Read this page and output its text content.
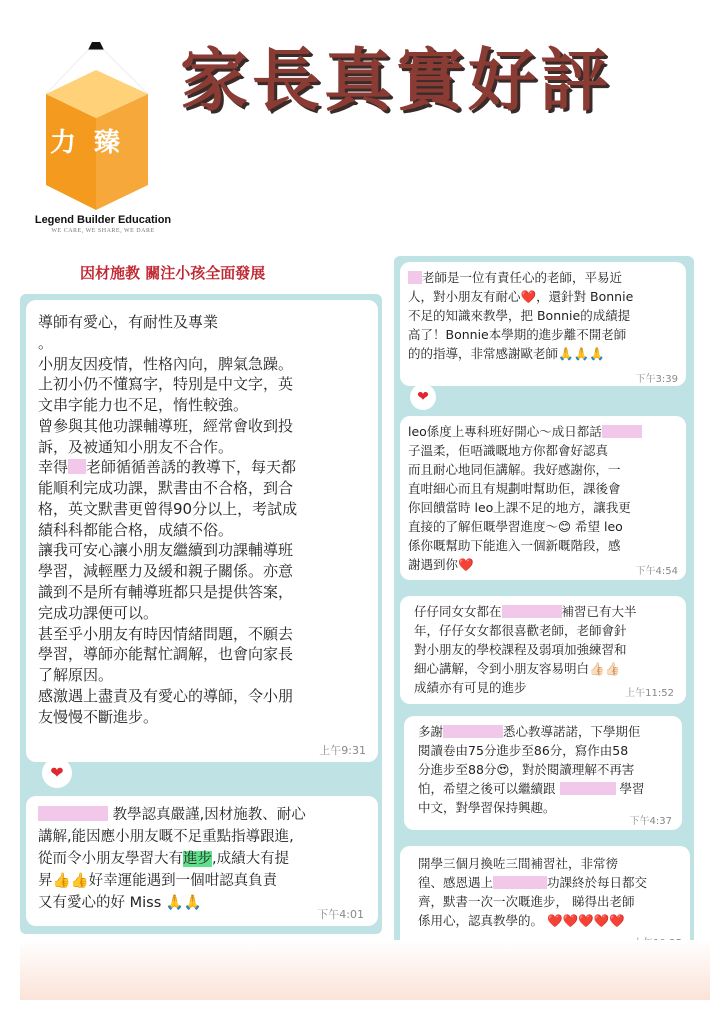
力臻
Legend Builder Education
WE CARE, WE SHARE, WE DARE
家長真實好評
因材施教 關注小孩全面發展
導師有愛心，有耐性及專業
。
小朋友因疫情，性格內向，脾氣急躁。
上初小仍不懂寫字，特別是中文字，英
文串字能力也不足，惰性較強。
曾參與其他功課輔導班，經常會收到投
訴，及被通知小朋友不合作。
幸得 老師循循善誘的教導下，每天都
能順利完成功課，默書由不合格，到合
格，英文默書更曾得90分以上，考試成
績科科都能合格，成績不俗。
讓我可安心讓小朋友繼續到功課輔導班
學習，減輕壓力及緩和親子關係。亦意
識到不是所有輔導班都只是提供答案，
完成功課便可以。
甚至乎小朋友有時因情緒問題，不願去
學習，導師亦能幫忙調解，也會向家長
了解原因。
感激遇上盡責及有愛心的導師，令小朋
友慢慢不斷進步。
上午9:31
❤
教學認真嚴謹,因材施教、耐心
講解,能因應小朋友嘅不足重點指導跟進,
從而令小朋友學習大有進步,成績大有提
昇👍👍好幸運能遇到一個咁認真負責
又有愛心的好 Miss 🙏🙏
下午4:01
老師是一位有責任心的老師，平易近
人，對小朋友有耐心❤️，還針對 Bonnie
不足的知識來教學，把 Bonnie的成績提
高了！Bonnie本學期的進步離不開老師
的的指導，非常感謝歐老師🙏🙏🙏
下午3:39
❤
leo係度上專科班好開心～成日都話
子溫柔，佢唔識嘅地方你都會好認真
而且耐心地同佢講解。我好感謝你，一
直咁細心而且有規劃咁幫助佢，課後會
你回饋當時 leo上課不足的地方，讓我更
直接的了解佢嘅學習進度～😊 希望 leo
係你嘅幫助下能進入一個新嘅階段，感
謝遇到你❤️	下午4:54
仔仔同女女都在	補習已有大半
年，仔仔女女都很喜歡老師，老師會針
對小朋友的學校課程及弱項加強練習和
細心講解，令到小朋友容易明白👍🏻👍🏻
成績亦有可見的進步	上午11:52
多謝	悉心教導諾諾，下學期佢
閱讀卷由75分進步至86分，寫作由58
分進步至88分😍，對於閱讀理解不再害
怕，希望之後可以繼續跟	學習
中文，對學習保持興趣。
下午4:37
開學三個月換咗三間補習社，非常徬
徨、感恩遇上	功課終於每日都交
齊，默書一次一次嘅進步， 睇得出老師
係用心，認真教學的。 ❤️❤️❤️❤️❤️
